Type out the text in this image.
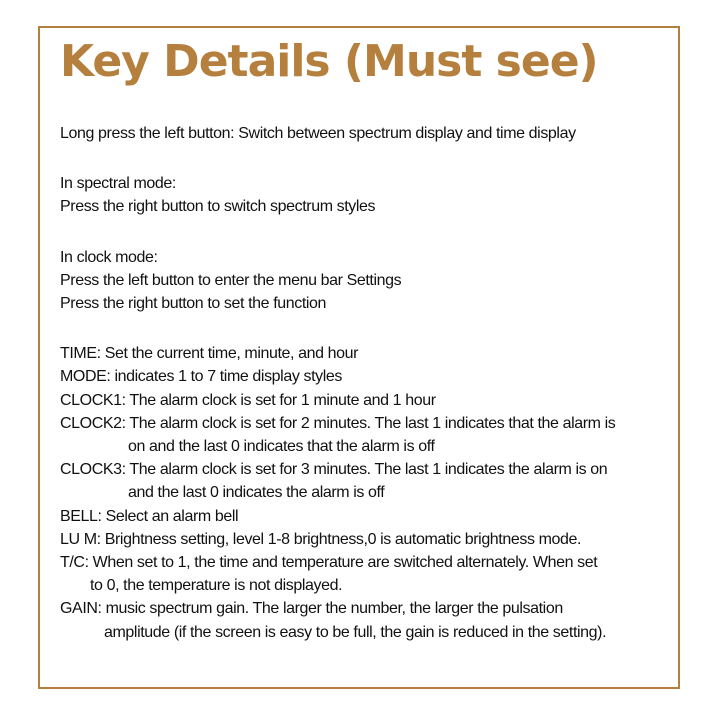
Key Details (Must see)
Long press the left button: Switch between spectrum display and time display
In spectral mode:
Press the right button to switch spectrum styles
In clock mode:
Press the left button to enter the menu bar Settings
Press the right button to set the function
TIME: Set the current time, minute, and hour
MODE: indicates 1 to 7 time display styles
CLOCK1: The alarm clock is set for 1 minute and 1 hour
CLOCK2: The alarm clock is set for 2 minutes. The last 1 indicates that the alarm is
on and the last 0 indicates that the alarm is off
CLOCK3: The alarm clock is set for 3 minutes. The last 1 indicates the alarm is on
and the last 0 indicates the alarm is off
BELL: Select an alarm bell
LU M: Brightness setting, level 1-8 brightness,0 is automatic brightness mode.
T/C: When set to 1, the time and temperature are switched alternately. When set
to 0, the temperature is not displayed.
GAIN: music spectrum gain. The larger the number, the larger the pulsation
amplitude (if the screen is easy to be full, the gain is reduced in the setting).
